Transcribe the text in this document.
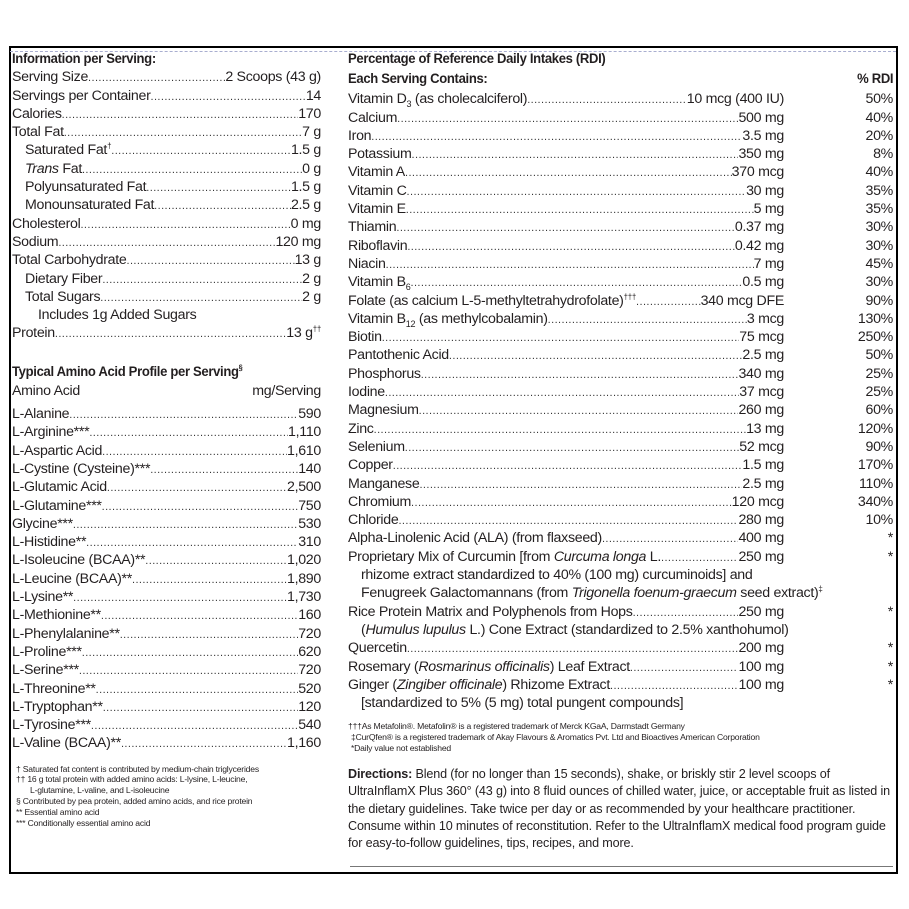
Information per Serving:
Serving Size .....	2 Scoops (43 g)
Servings per Container .....	14
Calories .....	170
Total Fat .....	7 g
Saturated Fat† .....	1.5 g
Trans Fat .....	0 g
Polyunsaturated Fat .....	1.5 g
Monounsaturated Fat .....	2.5 g
Cholesterol .....	0 mg
Sodium .....	120 mg
Total Carbohydrate .....	13 g
Dietary Fiber .....	2 g
Total Sugars .....	2 g
Includes 1g Added Sugars
Protein .....	13 g††
Typical Amino Acid Profile per Serving§
Amino Acid	mg/Serving
L-Alanine .....	590
L-Arginine*** .....	1,110
L-Aspartic Acid .....	1,610
L-Cystine (Cysteine)*** .....	140
L-Glutamic Acid .....	2,500
L-Glutamine*** .....	750
Glycine*** .....	530
L-Histidine** .....	310
L-Isoleucine (BCAA)** .....	1,020
L-Leucine (BCAA)** .....	1,890
L-Lysine** .....	1,730
L-Methionine** .....	160
L-Phenylalanine** .....	720
L-Proline*** .....	620
L-Serine*** .....	720
L-Threonine** .....	520
L-Tryptophan** .....	120
L-Tyrosine*** .....	540
L-Valine (BCAA)** .....	1,160
† Saturated fat content is contributed by medium-chain triglycerides
†† 16 g total protein with added amino acids: L-lysine, L-leucine,
L-glutamine, L-valine, and L-isoleucine
§ Contributed by pea protein, added amino acids, and rice protein
** Essential amino acid
*** Conditionally essential amino acid
Percentage of Reference Daily Intakes (RDI)
Each Serving Contains:	% RDI
Vitamin $D_3$ (as cholecalciferol) .....	10 mcg (400 IU)	50%
Calcium .....	500 mg	40%
Iron .....	3.5 mg	20%
Potassium .....	350 mg	8%
Vitamin A .....	370 mcg	40%
Vitamin C .....	30 mg	35%
Vitamin E .....	5 mg	35%
Thiamin .....	0.37 mg	30%
Riboflavin .....	0.42 mg	30%
Niacin .....	7 mg	45%
Vitamin $B_6$ .....	0.5 mg	30%
Folate (as calcium L-5-methyltetrahydrofolate)††† .....	340 mcg DFE	90%
Vitamin $B_{12}$ (as methylcobalamin) .....	3 mcg	130%
Biotin .....	75 mcg	250%
Pantothenic Acid .....	2.5 mg	50%
Phosphorus .....	340 mg	25%
Iodine .....	37 mcg	25%
Magnesium .....	260 mg	60%
Zinc .....	13 mg	120%
Selenium .....	52 mcg	90%
Copper .....	1.5 mg	170%
Manganese .....	2.5 mg	110%
Chromium .....	120 mcg	340%
Chloride .....	280 mg	10%
Alpha-Linolenic Acid (ALA) (from flaxseed) .....	400 mg	*
Proprietary Mix of Curcumin [from Curcuma longa L. .....	250 mg	*
rhizome extract standardized to 40% (100 mg) curcuminoids] and
Fenugreek Galactomannans (from Trigonella foenum-graecum seed extract)‡
Rice Protein Matrix and Polyphenols from Hops .....	250 mg	*
(Humulus lupulus L.) Cone Extract (standardized to 2.5% xanthohumol)
Quercetin .....	200 mg	*
Rosemary (Rosmarinus officinalis) Leaf Extract .....	100 mg	*
Ginger (Zingiber officinale) Rhizome Extract .....	100 mg	*
[standardized to 5% (5 mg) total pungent compounds]
†††As Metafolin®. Metafolin® is a registered trademark of Merck KGaA, Darmstadt Germany
‡CurQfen® is a registered trademark of Akay Flavours & Aromatics Pvt. Ltd and Bioactives American Corporation
*Daily value not established
Directions: Blend (for no longer than 15 seconds), shake, or briskly stir 2 level scoops of UltraInflamX Plus 360° (43 g) into 8 fluid ounces of chilled water, juice, or acceptable fruit as listed in the dietary guidelines. Take twice per day or as recommended by your healthcare practitioner. Consume within 10 minutes of reconstitution. Refer to the UltraInflamX medical food program guide for easy-to-follow guidelines, tips, recipes, and more.
